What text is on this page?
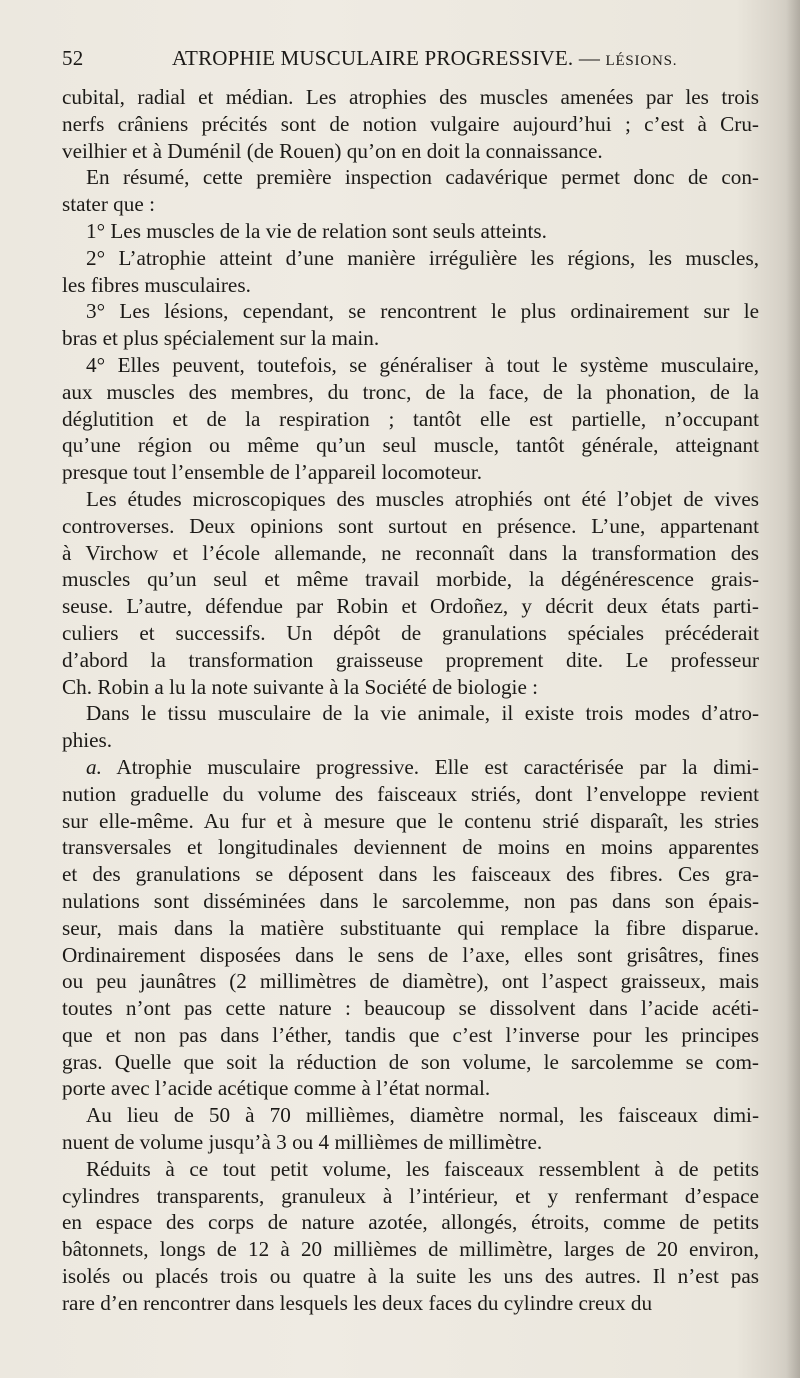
52	ATROPHIE MUSCULAIRE PROGRESSIVE. — LÉSIONS.
cubital, radial et médian. Les atrophies des muscles amenées par les trois
nerfs crâniens précités sont de notion vulgaire aujourd’hui ; c’est à Cru-
veilhier et à Duménil (de Rouen) qu’on en doit la connaissance.
En résumé, cette première inspection cadavérique permet donc de con-
stater que :
1° Les muscles de la vie de relation sont seuls atteints.
2° L’atrophie atteint d’une manière irrégulière les régions, les muscles,
les fibres musculaires.
3° Les lésions, cependant, se rencontrent le plus ordinairement sur le
bras et plus spécialement sur la main.
4° Elles peuvent, toutefois, se généraliser à tout le système musculaire,
aux muscles des membres, du tronc, de la face, de la phonation, de la
déglutition et de la respiration ; tantôt elle est partielle, n’occupant
qu’une région ou même qu’un seul muscle, tantôt générale, atteignant
presque tout l’ensemble de l’appareil locomoteur.
Les études microscopiques des muscles atrophiés ont été l’objet de vives
controverses. Deux opinions sont surtout en présence. L’une, appartenant
à Virchow et l’école allemande, ne reconnaît dans la transformation des
muscles qu’un seul et même travail morbide, la dégénérescence grais-
seuse. L’autre, défendue par Robin et Ordoñez, y décrit deux états parti-
culiers et successifs. Un dépôt de granulations spéciales précéderait
d’abord la transformation graisseuse proprement dite. Le professeur
Ch. Robin a lu la note suivante à la Société de biologie :
Dans le tissu musculaire de la vie animale, il existe trois modes d’atro-
phies.
a. Atrophie musculaire progressive. Elle est caractérisée par la dimi-
nution graduelle du volume des faisceaux striés, dont l’enveloppe revient
sur elle-même. Au fur et à mesure que le contenu strié disparaît, les stries
transversales et longitudinales deviennent de moins en moins apparentes
et des granulations se déposent dans les faisceaux des fibres. Ces gra-
nulations sont disséminées dans le sarcolemme, non pas dans son épais-
seur, mais dans la matière substituante qui remplace la fibre disparue.
Ordinairement disposées dans le sens de l’axe, elles sont grisâtres, fines
ou peu jaunâtres (2 millimètres de diamètre), ont l’aspect graisseux, mais
toutes n’ont pas cette nature : beaucoup se dissolvent dans l’acide acéti-
que et non pas dans l’éther, tandis que c’est l’inverse pour les principes
gras. Quelle que soit la réduction de son volume, le sarcolemme se com-
porte avec l’acide acétique comme à l’état normal.
Au lieu de 50 à 70 millièmes, diamètre normal, les faisceaux dimi-
nuent de volume jusqu’à 3 ou 4 millièmes de millimètre.
Réduits à ce tout petit volume, les faisceaux ressemblent à de petits
cylindres transparents, granuleux à l’intérieur, et y renfermant d’espace
en espace des corps de nature azotée, allongés, étroits, comme de petits
bâtonnets, longs de 12 à 20 millièmes de millimètre, larges de 20 environ,
isolés ou placés trois ou quatre à la suite les uns des autres. Il n’est pas
rare d’en rencontrer dans lesquels les deux faces du cylindre creux du
